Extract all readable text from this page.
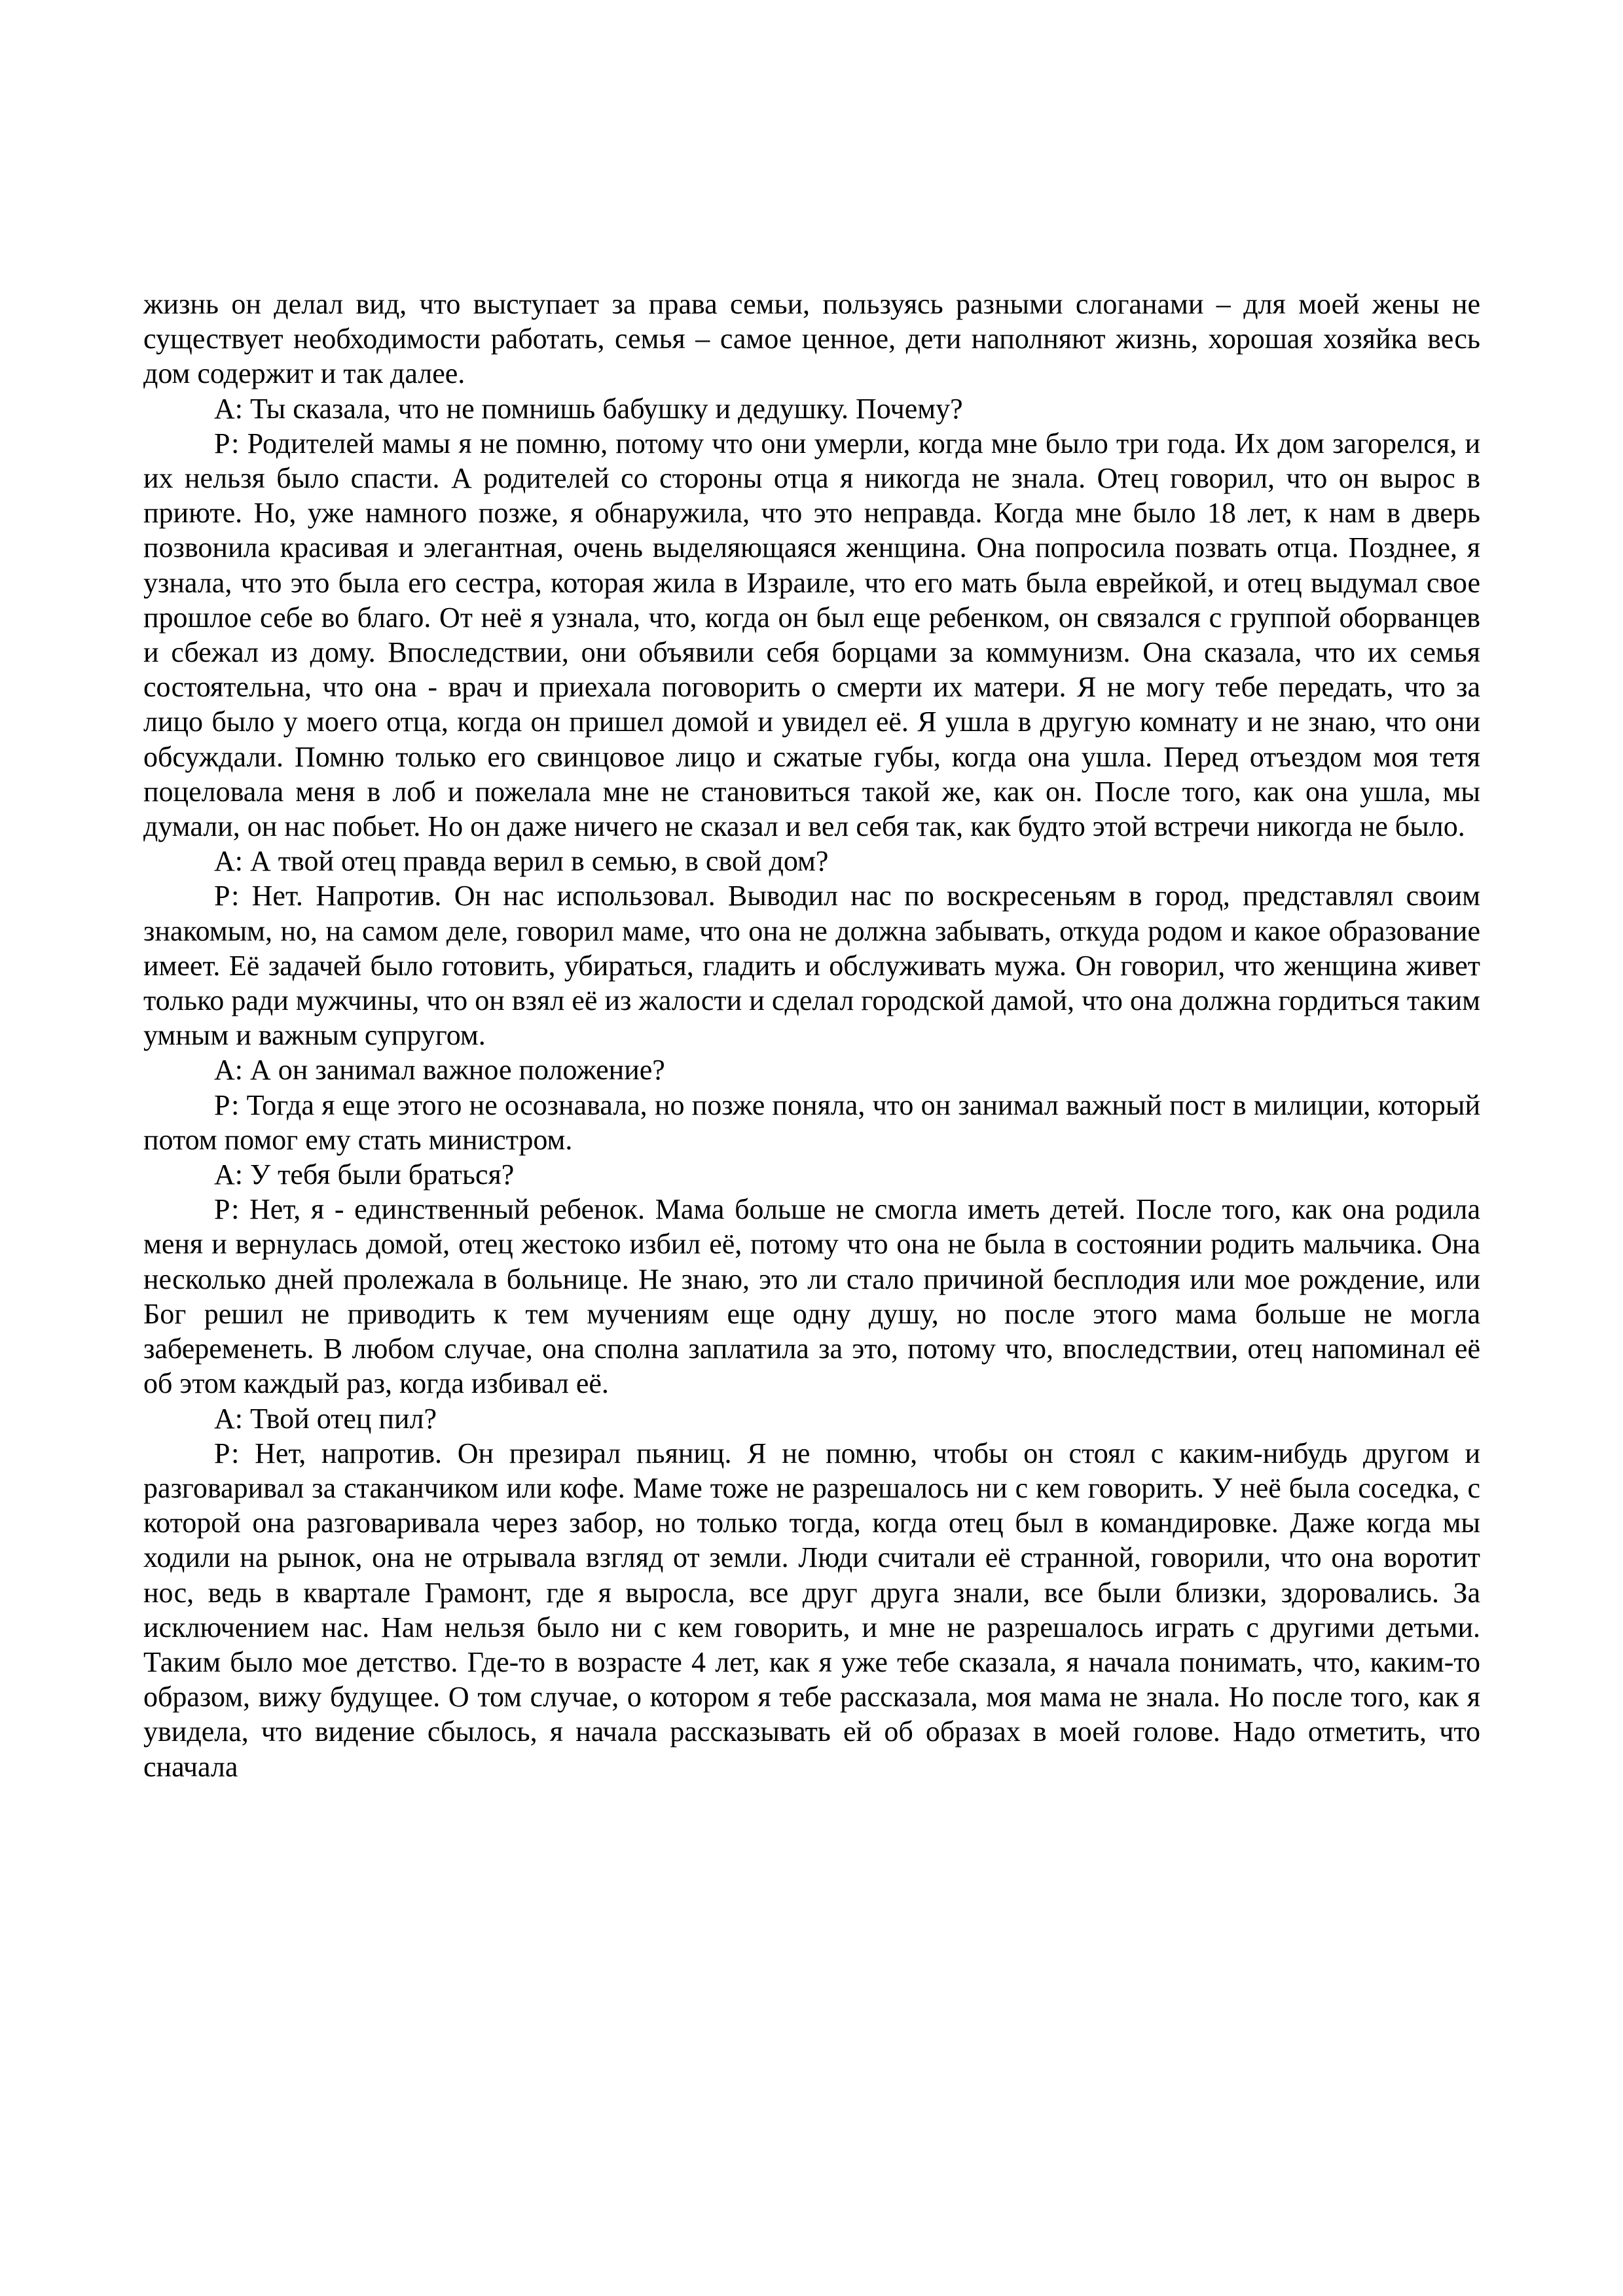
жизнь он делал вид, что выступает за права семьи, пользуясь разными слоганами – для моей жены не существует необходимости работать, семья – самое ценное, дети наполняют жизнь, хорошая хозяйка весь дом содержит и так далее.

А: Ты сказала, что не помнишь бабушку и дедушку. Почему?

Р: Родителей мамы я не помню, потому что они умерли, когда мне было три года. Их дом загорелся, и их нельзя было спасти. А родителей со стороны отца я никогда не знала. Отец говорил, что он вырос в приюте. Но, уже намного позже, я обнаружила, что это неправда. Когда мне было 18 лет, к нам в дверь позвонила красивая и элегантная, очень выделяющаяся женщина. Она попросила позвать отца. Позднее, я узнала, что это была его сестра, которая жила в Израиле, что его мать была еврейкой, и отец выдумал свое прошлое себе во благо. От неё я узнала, что, когда он был еще ребенком, он связался с группой оборванцев и сбежал из дому. Впоследствии, они объявили себя борцами за коммунизм. Она сказала, что их семья состоятельна, что она - врач и приехала поговорить о смерти их матери. Я не могу тебе передать, что за лицо было у моего отца, когда он пришел домой и увидел её. Я ушла в другую комнату и не знаю, что они обсуждали. Помню только его свинцовое лицо и сжатые губы, когда она ушла. Перед отъездом моя тетя поцеловала меня в лоб и пожелала мне не становиться такой же, как он. После того, как она ушла, мы думали, он нас побьет. Но он даже ничего не сказал и вел себя так, как будто этой встречи никогда не было.

А: А твой отец правда верил в семью, в свой дом?

Р: Нет. Напротив. Он нас использовал. Выводил нас по воскресеньям в город, представлял своим знакомым, но, на самом деле, говорил маме, что она не должна забывать, откуда родом и какое образование имеет. Её задачей было готовить, убираться, гладить и обслуживать мужа. Он говорил, что женщина живет только ради мужчины, что он взял её из жалости и сделал городской дамой, что она должна гордиться таким умным и важным супругом.

А: А он занимал важное положение?

Р: Тогда я еще этого не осознавала, но позже поняла, что он занимал важный пост в милиции, который потом помог ему стать министром.

А: У тебя были браться?

Р: Нет, я - единственный ребенок. Мама больше не смогла иметь детей. После того, как она родила меня и вернулась домой, отец жестоко избил её, потому что она не была в состоянии родить мальчика. Она несколько дней пролежала в больнице. Не знаю, это ли стало причиной бесплодия или мое рождение, или Бог решил не приводить к тем мучениям еще одну душу, но после этого мама больше не могла забеременеть. В любом случае, она сполна заплатила за это, потому что, впоследствии, отец напоминал её об этом каждый раз, когда избивал её.

А: Твой отец пил?

Р: Нет, напротив. Он презирал пьяниц. Я не помню, чтобы он стоял с каким-нибудь другом и разговаривал за стаканчиком или кофе. Маме тоже не разрешалось ни с кем говорить. У неё была соседка, с которой она разговаривала через забор, но только тогда, когда отец был в командировке. Даже когда мы ходили на рынок, она не отрывала взгляд от земли. Люди считали её странной, говорили, что она воротит нос, ведь в квартале Грамонт, где я выросла, все друг друга знали, все были близки, здоровались. За исключением нас. Нам нельзя было ни с кем говорить, и мне не разрешалось играть с другими детьми. Таким было мое детство. Где-то в возрасте 4 лет, как я уже тебе сказала, я начала понимать, что, каким-то образом, вижу будущее. О том случае, о котором я тебе рассказала, моя мама не знала. Но после того, как я увидела, что видение сбылось, я начала рассказывать ей об образах в моей голове. Надо отметить, что сначала
